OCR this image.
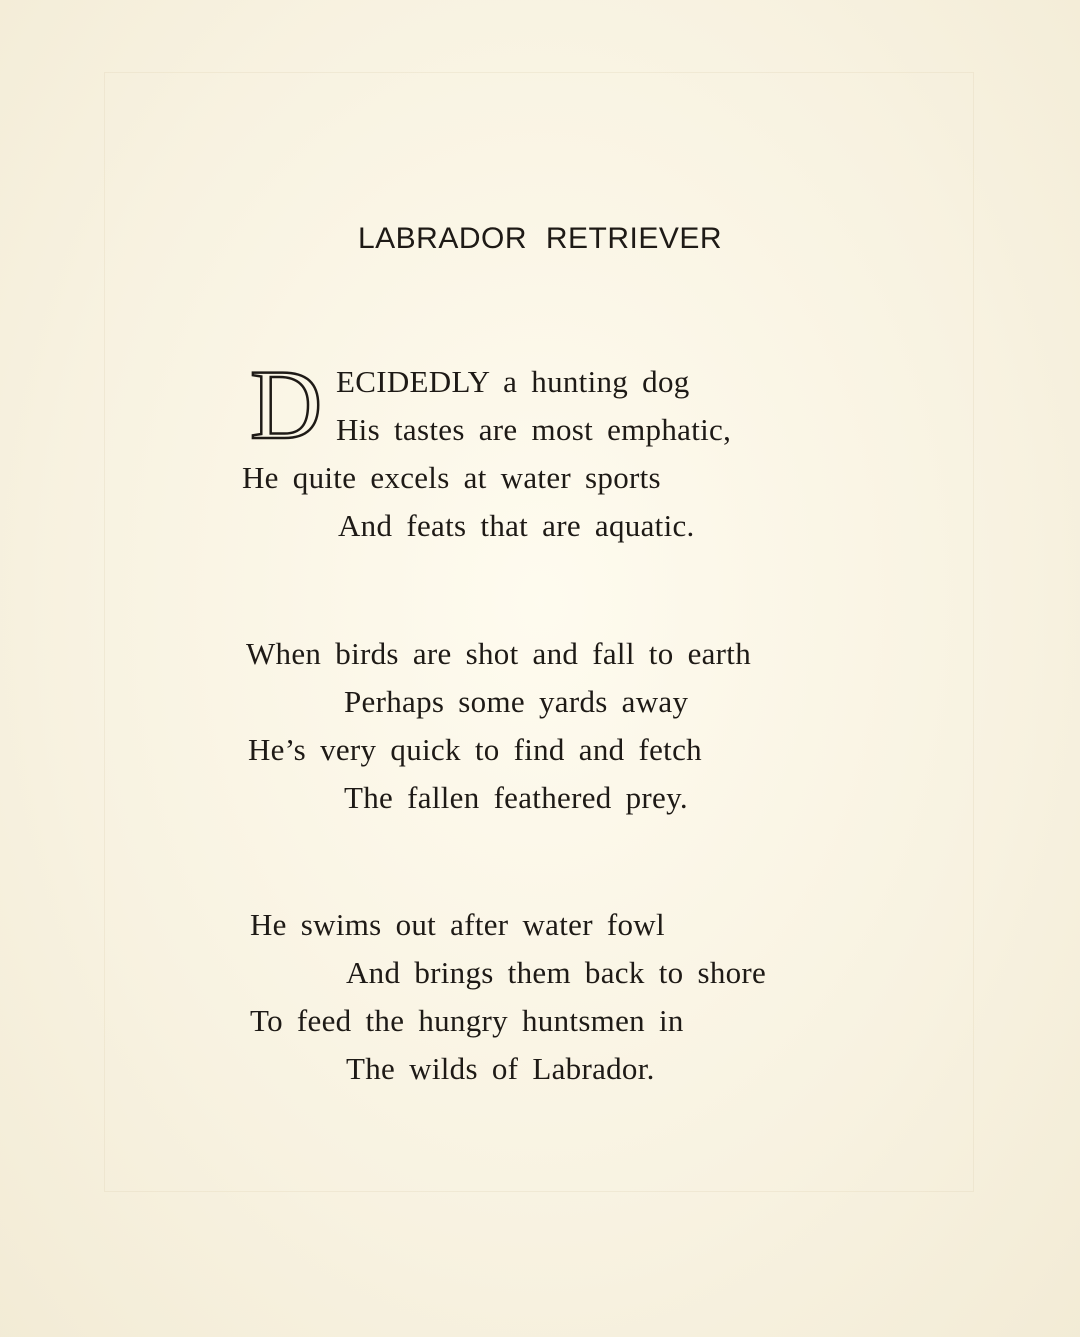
LABRADOR RETRIEVER
D ECIDEDLY a hunting dog
His tastes are most emphatic,
He quite excels at water sports
And feats that are aquatic.
When birds are shot and fall to earth
Perhaps some yards away
He’s very quick to find and fetch
The fallen feathered prey.
He swims out after water fowl
And brings them back to shore
To feed the hungry huntsmen in
The wilds of Labrador.
